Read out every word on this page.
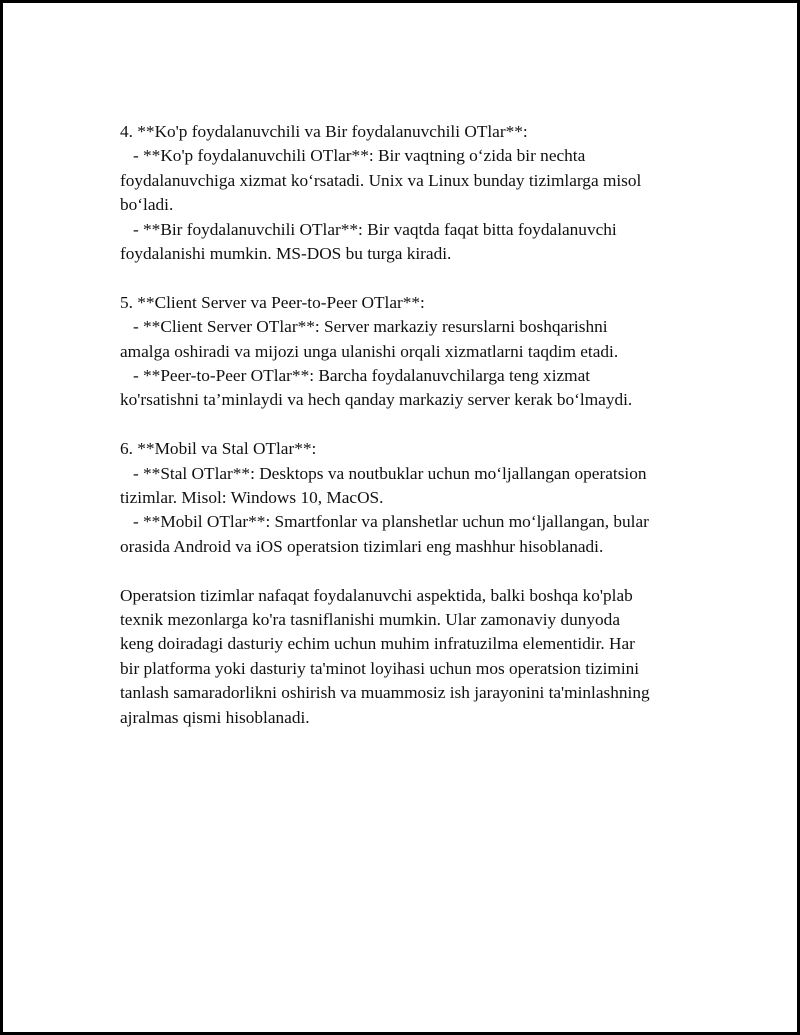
4. **Ko'p foydalanuvchili va Bir foydalanuvchili OTlar**:
- **Ko'p foydalanuvchili OTlar**: Bir vaqtning o‘zida bir nechta
foydalanuvchiga xizmat ko‘rsatadi. Unix va Linux bunday tizimlarga misol
bo‘ladi.
- **Bir foydalanuvchili OTlar**: Bir vaqtda faqat bitta foydalanuvchi
foydalanishi mumkin. MS-DOS bu turga kiradi.
5. **Client Server va Peer-to-Peer OTlar**:
- **Client Server OTlar**: Server markaziy resurslarni boshqarishni
amalga oshiradi va mijozi unga ulanishi orqali xizmatlarni taqdim etadi.
- **Peer-to-Peer OTlar**: Barcha foydalanuvchilarga teng xizmat
ko'rsatishni ta’minlaydi va hech qanday markaziy server kerak bo‘lmaydi.
6. **Mobil va Stal OTlar**:
- **Stal OTlar**: Desktops va noutbuklar uchun mo‘ljallangan operatsion
tizimlar. Misol: Windows 10, MacOS.
- **Mobil OTlar**: Smartfonlar va planshetlar uchun mo‘ljallangan, bular
orasida Android va iOS operatsion tizimlari eng mashhur hisoblanadi.
Operatsion tizimlar nafaqat foydalanuvchi aspektida, balki boshqa ko'plab
texnik mezonlarga ko'ra tasniflanishi mumkin. Ular zamonaviy dunyoda
keng doiradagi dasturiy echim uchun muhim infratuzilma elementidir. Har
bir platforma yoki dasturiy ta'minot loyihasi uchun mos operatsion tizimini
tanlash samaradorlikni oshirish va muammosiz ish jarayonini ta'minlashning
ajralmas qismi hisoblanadi.
